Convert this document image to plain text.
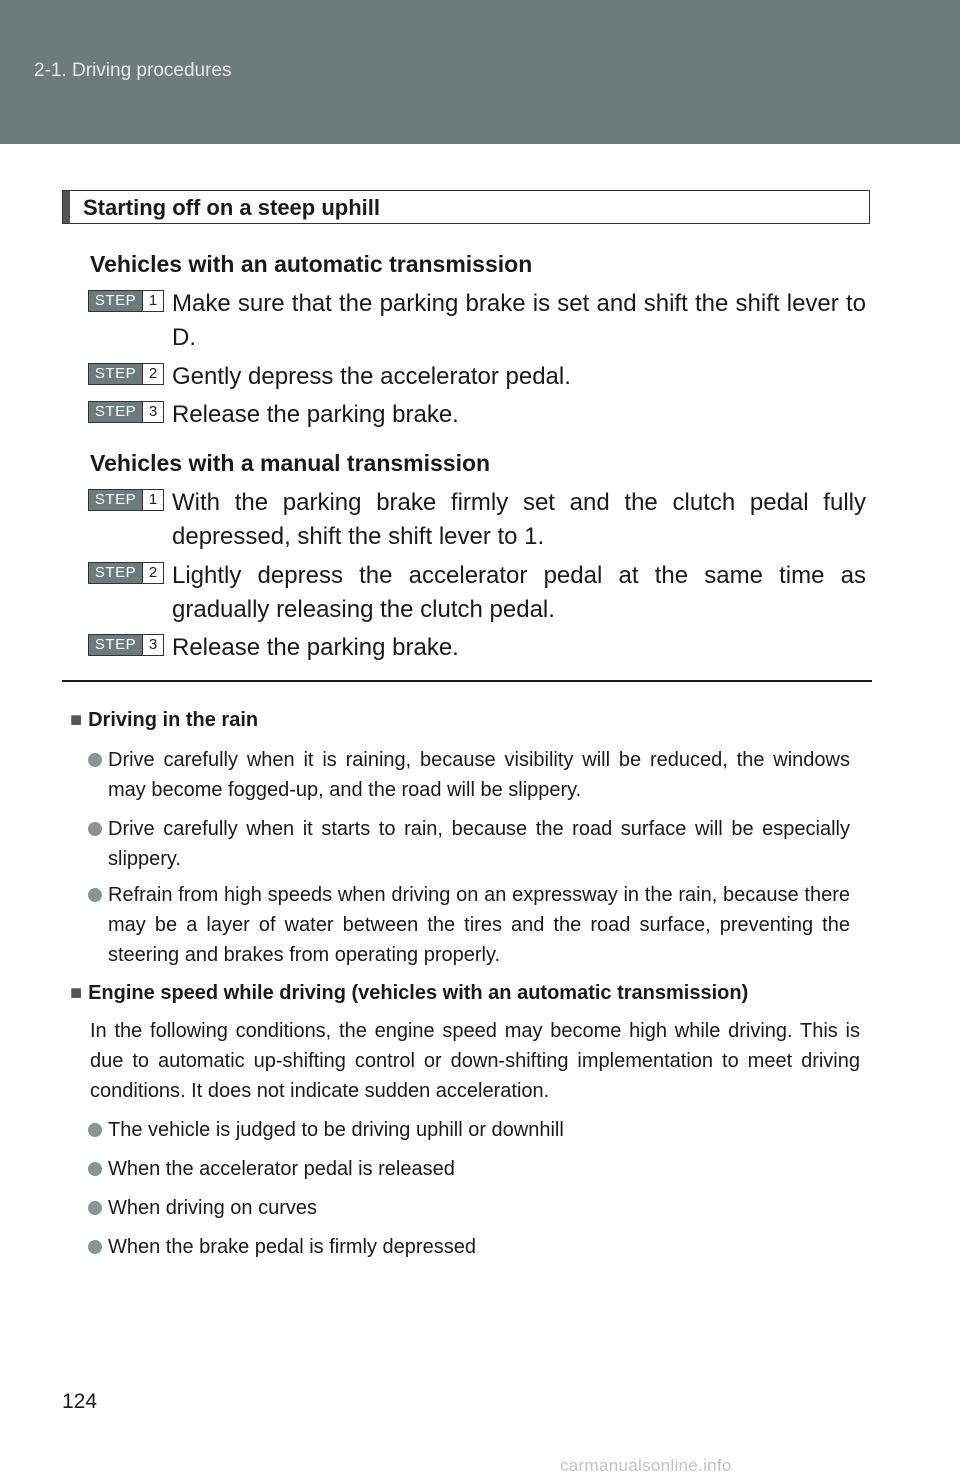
2-1. Driving procedures
Starting off on a steep uphill
Vehicles with an automatic transmission
STEP 1 Make sure that the parking brake is set and shift the shift lever to D.
STEP 2 Gently depress the accelerator pedal.
STEP 3 Release the parking brake.
Vehicles with a manual transmission
STEP 1 With the parking brake firmly set and the clutch pedal fully depressed, shift the shift lever to 1.
STEP 2 Lightly depress the accelerator pedal at the same time as gradually releasing the clutch pedal.
STEP 3 Release the parking brake.
■ Driving in the rain
Drive carefully when it is raining, because visibility will be reduced, the windows may become fogged-up, and the road will be slippery.
Drive carefully when it starts to rain, because the road surface will be especially slippery.
Refrain from high speeds when driving on an expressway in the rain, because there may be a layer of water between the tires and the road surface, preventing the steering and brakes from operating properly.
■ Engine speed while driving (vehicles with an automatic transmission)
In the following conditions, the engine speed may become high while driving. This is due to automatic up-shifting control or down-shifting implementation to meet driving conditions. It does not indicate sudden acceleration.
The vehicle is judged to be driving uphill or downhill
When the accelerator pedal is released
When driving on curves
When the brake pedal is firmly depressed
124
carmanualsonline.info
